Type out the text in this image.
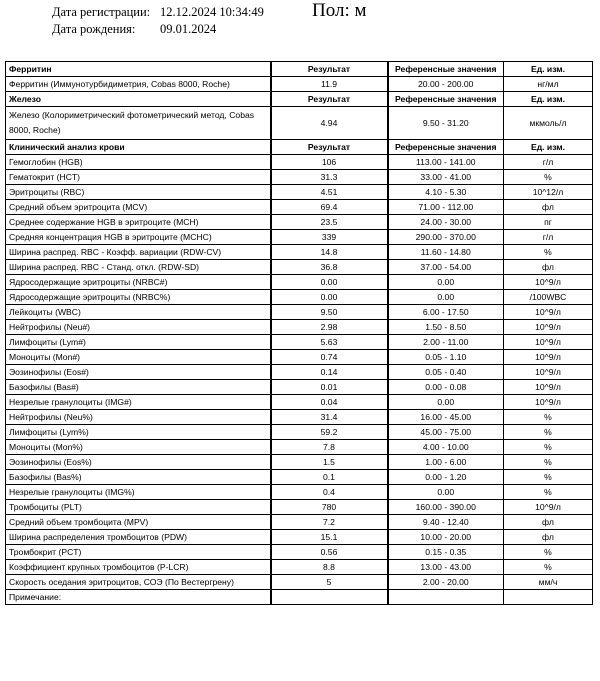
Дата регистрации: 12.12.2024 10:34:49
Дата рождения: 09.01.2024
Пол: м
Ферритин	Результат	Референсные значения	Ед. изм.
Ферритин (Иммунотурбидиметрия, Cobas 8000, Roche)	11.9	20.00 - 200.00	нг/мл
Железо	Результат	Референсные значения	Ед. изм.
Железо (Колориметрический фотометрический метод, Cobas 8000, Roche)	4.94	9.50 - 31.20	мкмоль/л
Клинический анализ крови	Результат	Референсные значения	Ед. изм.
Гемоглобин (HGB)	106	113.00 - 141.00	г/л
Гематокрит (HCT)	31.3	33.00 - 41.00	%
Эритроциты (RBC)	4.51	4.10 - 5.30	10^12/л
Средний объем эритроцита (MCV)	69.4	71.00 - 112.00	фл
Среднее содержание HGB в эритроците (MCH)	23.5	24.00 - 30.00	пг
Средняя концентрация HGB в эритроците (MCHC)	339	290.00 - 370.00	г/л
Ширина распред. RBC - Коэфф. вариации (RDW-CV)	14.8	11.60 - 14.80	%
Ширина распред. RBC - Станд. откл. (RDW-SD)	36.8	37.00 - 54.00	фл
Ядросодержащие эритроциты (NRBC#)	0.00	0.00	10^9/л
Ядросодержащие эритроциты (NRBC%)	0.00	0.00	/100WBC
Лейкоциты (WBC)	9.50	6.00 - 17.50	10^9/л
Нейтрофилы (Neu#)	2.98	1.50 - 8.50	10^9/л
Лимфоциты (Lym#)	5.63	2.00 - 11.00	10^9/л
Моноциты (Mon#)	0.74	0.05 - 1.10	10^9/л
Эозинофилы (Eos#)	0.14	0.05 - 0.40	10^9/л
Базофилы (Bas#)	0.01	0.00 - 0.08	10^9/л
Незрелые гранулоциты (IMG#)	0.04	0.00	10^9/л
Нейтрофилы (Neu%)	31.4	16.00 - 45.00	%
Лимфоциты (Lym%)	59.2	45.00 - 75.00	%
Моноциты (Mon%)	7.8	4.00 - 10.00	%
Эозинофилы (Eos%)	1.5	1.00 - 6.00	%
Базофилы (Bas%)	0.1	0.00 - 1.20	%
Незрелые гранулоциты (IMG%)	0.4	0.00	%
Тромбоциты (PLT)	780	160.00 - 390.00	10^9/л
Средний объем тромбоцита (MPV)	7.2	9.40 - 12.40	фл
Ширина распределения тромбоцитов (PDW)	15.1	10.00 - 20.00	фл
Тромбокрит (PCT)	0.56	0.15 - 0.35	%
Коэффициент крупных тромбоцитов (P-LCR)	8.8	13.00 - 43.00	%
Скорость оседания эритроцитов, СОЭ (По Вестергрену)	5	2.00 - 20.00	мм/ч
Примечание:			
